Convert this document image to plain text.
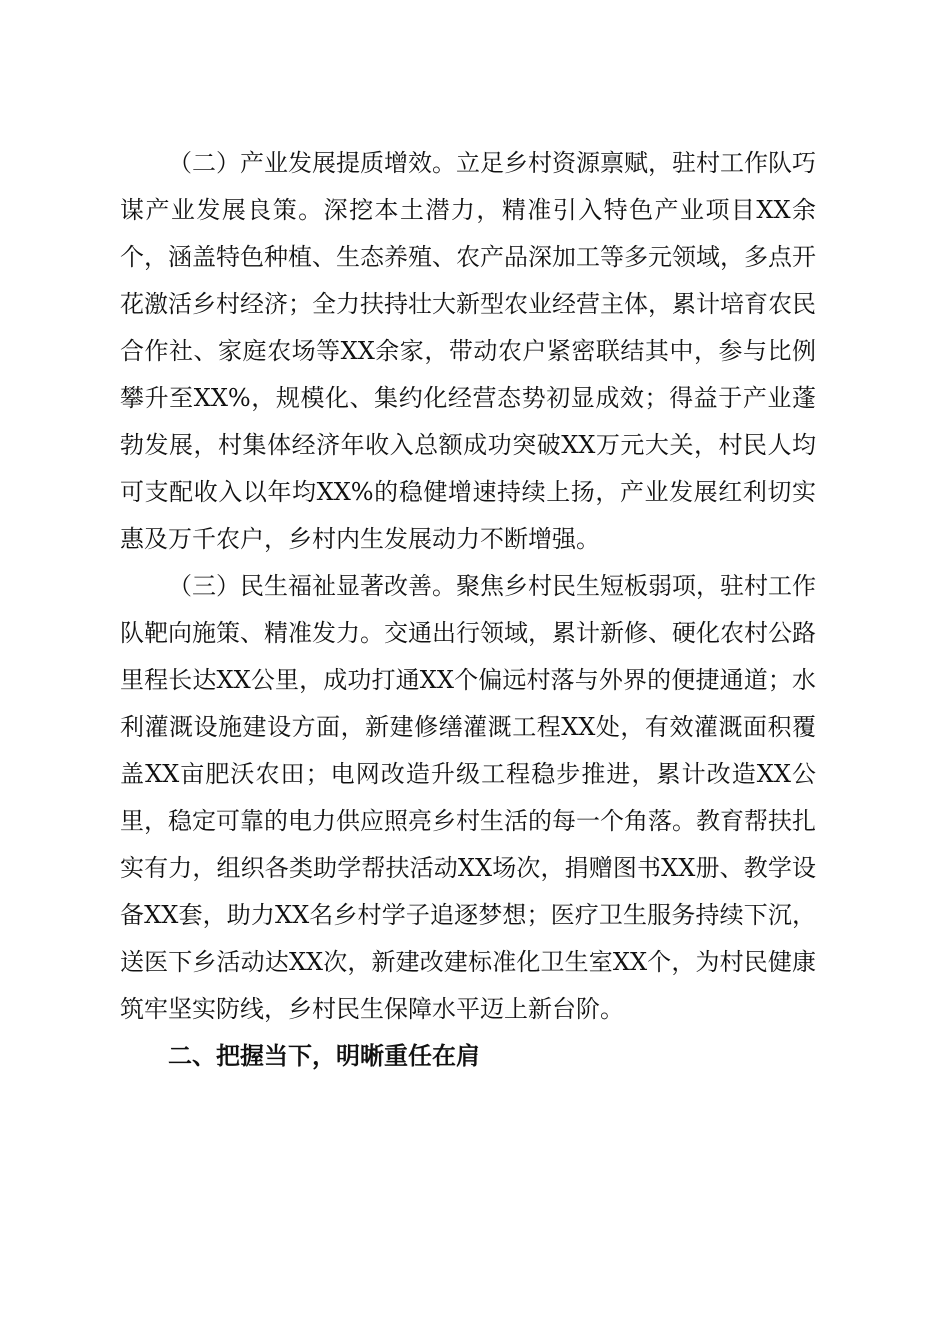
（二）产业发展提质增效。立足乡村资源禀赋，驻村工作队巧谋产业发展良策。深挖本土潜力，精准引入特色产业项目XX余个，涵盖特色种植、生态养殖、农产品深加工等多元领域，多点开花激活乡村经济；全力扶持壮大新型农业经营主体，累计培育农民合作社、家庭农场等XX余家，带动农户紧密联结其中，参与比例攀升至XX%，规模化、集约化经营态势初显成效；得益于产业蓬勃发展，村集体经济年收入总额成功突破XX万元大关，村民人均可支配收入以年均XX%的稳健增速持续上扬，产业发展红利切实惠及万千农户，乡村内生发展动力不断增强。

（三）民生福祉显著改善。聚焦乡村民生短板弱项，驻村工作队靶向施策、精准发力。交通出行领域，累计新修、硬化农村公路里程长达XX公里，成功打通XX个偏远村落与外界的便捷通道；水利灌溉设施建设方面，新建修缮灌溉工程XX处，有效灌溉面积覆盖XX亩肥沃农田；电网改造升级工程稳步推进，累计改造XX公里，稳定可靠的电力供应照亮乡村生活的每一个角落。教育帮扶扎实有力，组织各类助学帮扶活动XX场次，捐赠图书XX册、教学设备XX套，助力XX名乡村学子追逐梦想；医疗卫生服务持续下沉，送医下乡活动达XX次，新建改建标准化卫生室XX个，为村民健康筑牢坚实防线，乡村民生保障水平迈上新台阶。

二、把握当下，明晰重任在肩
